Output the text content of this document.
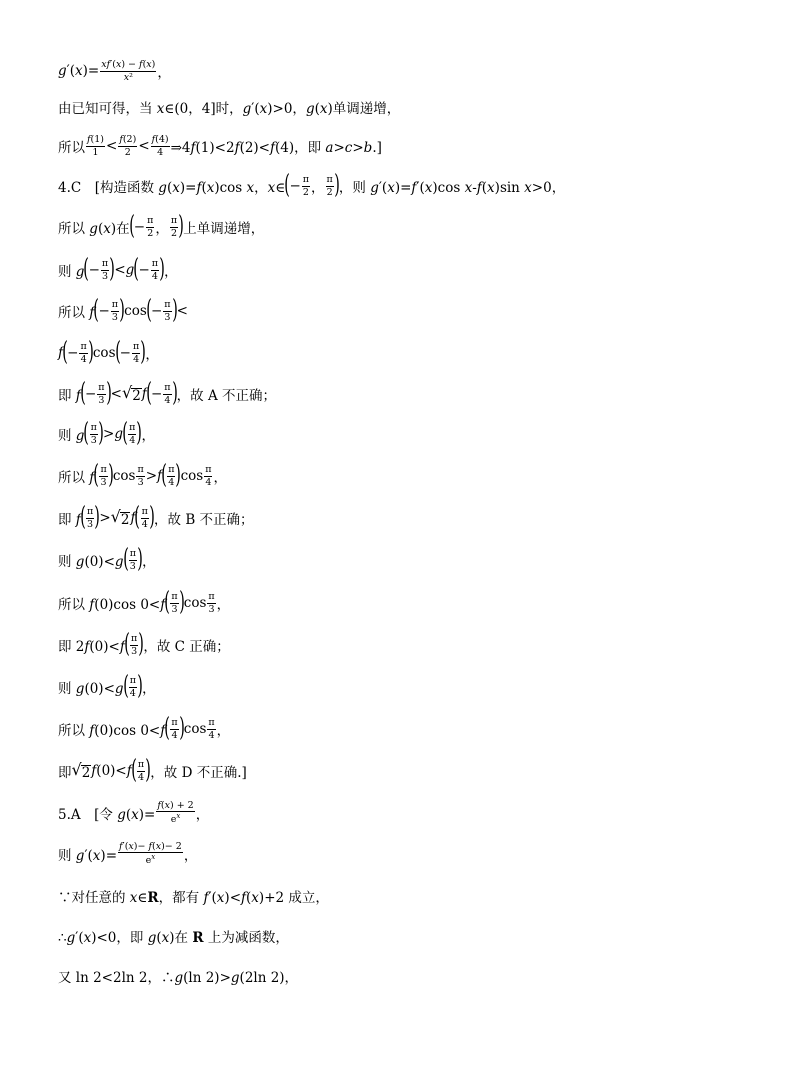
$g'(x)= \frac{xf'(x) - f(x)}{\text{x²}}$ ，
由已知可得，当 x∈(0，4]时，g′(x)>0，g(x)单调递增，
所以 $\frac{f(1)}{1} < \frac{f(2)}{2} < \frac{f(4)}{4}$ ⇒4f(1)<2f(2)<f(4)，即 a>c>b.]
4.C　[构造函数 g(x)=f(x)cos x，x∈ ( − $\frac{\pi}{2}$ ， $\frac{\pi}{2}$ ) ，则 g′(x)=f′(x)cos x-f(x)sin x>0，
所以 g(x)在 ( − $\frac{\pi}{2}$ ， $\frac{\pi}{2}$ ) 上单调递增，
则 g ( − $\frac{\pi}{3}$ ) <g ( − $\frac{\pi}{4}$ ) ，
所以 f ( − $\frac{\pi}{3}$ ) cos ( − $\frac{\pi}{3}$ ) <
f ( − $\frac{\pi}{4}$ ) cos ( − $\frac{\pi}{4}$ ) ，
即 f ( − $\frac{\pi}{3}$ ) < √ 2 f ( − $\frac{\pi}{4}$ ) ，故 A 不正确；
则 g ( $\frac{\pi}{3}$ ) >g ( $\frac{\pi}{4}$ ) ，
所以 f ( $\frac{\pi}{3}$ ) $\cos \frac{\pi}{3} >f$ ( $\frac{\pi}{4}$ ) $\cos \frac{\pi}{4}$ ，
即 f ( $\frac{\pi}{3}$ ) > √ 2 f ( $\frac{\pi}{4}$ ) ，故 B 不正确；
则 g(0)<g ( $\frac{\pi}{3}$ ) ，
所以 f(0)cos 0<f ( $\frac{\pi}{3}$ ) $\cos \frac{\pi}{3}$ ，
即 2f(0)<f ( $\frac{\pi}{3}$ ) ，故 C 正确；
则 g(0)<g ( $\frac{\pi}{4}$ ) ，
所以 f(0)cos 0<f ( $\frac{\pi}{4}$ ) $\cos \frac{\pi}{4}$ ，
即 √ 2 f(0)<f ( $\frac{\pi}{4}$ ) ，故 D 不正确.]
5.A　[令 $g(x)= \frac{f(x) + 2}{e^x}$ ，
则 $g'(x)= \frac{f'(x)- f(x)- 2}{e^x}$ ，
∵对任意的 x∈R，都有 f′(x)<f(x)+2 成立，
∴g′(x)<0，即 g(x)在 R 上为减函数，
又 ln 2<2ln 2，∴g(ln 2)>g(2ln 2)，
